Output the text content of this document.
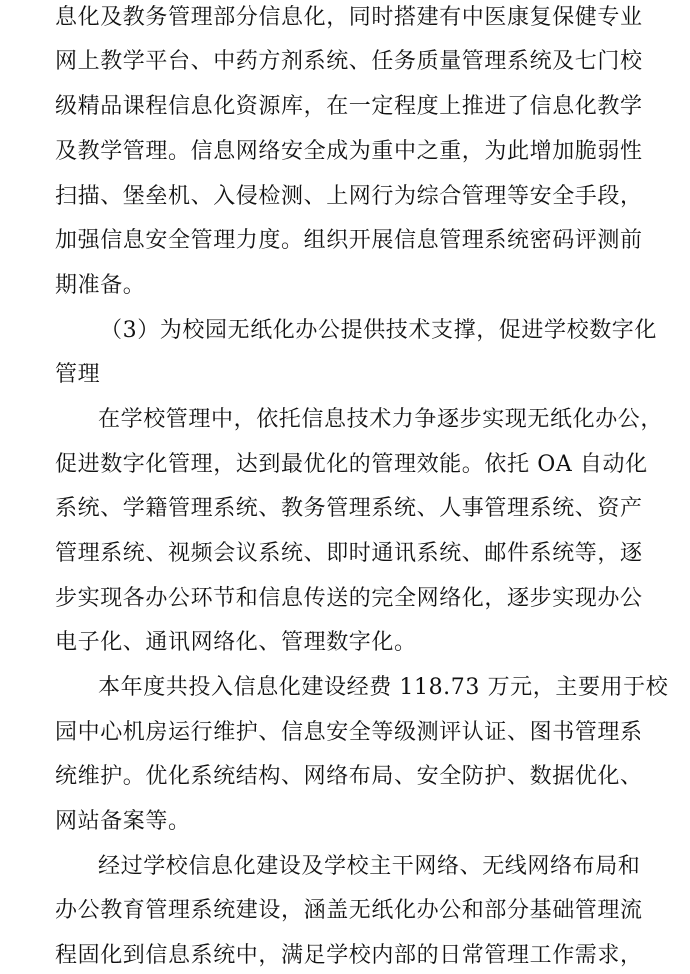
息化及教务管理部分信息化，同时搭建有中医康复保健专业
网上教学平台、中药方剂系统、任务质量管理系统及七门校
级精品课程信息化资源库，在一定程度上推进了信息化教学
及教学管理。信息网络安全成为重中之重，为此增加脆弱性
扫描、堡垒机、入侵检测、上网行为综合管理等安全手段，
加强信息安全管理力度。组织开展信息管理系统密码评测前
期准备。
（3）为校园无纸化办公提供技术支撑，促进学校数字化
管理
在学校管理中，依托信息技术力争逐步实现无纸化办公，
促进数字化管理，达到最优化的管理效能。依托 OA 自动化
系统、学籍管理系统、教务管理系统、人事管理系统、资产
管理系统、视频会议系统、即时通讯系统、邮件系统等，逐
步实现各办公环节和信息传送的完全网络化，逐步实现办公
电子化、通讯网络化、管理数字化。
本年度共投入信息化建设经费 118.73 万元，主要用于校
园中心机房运行维护、信息安全等级测评认证、图书管理系
统维护。优化系统结构、网络布局、安全防护、数据优化、
网站备案等。
经过学校信息化建设及学校主干网络、无线网络布局和
办公教育管理系统建设，涵盖无纸化办公和部分基础管理流
程固化到信息系统中，满足学校内部的日常管理工作需求，
